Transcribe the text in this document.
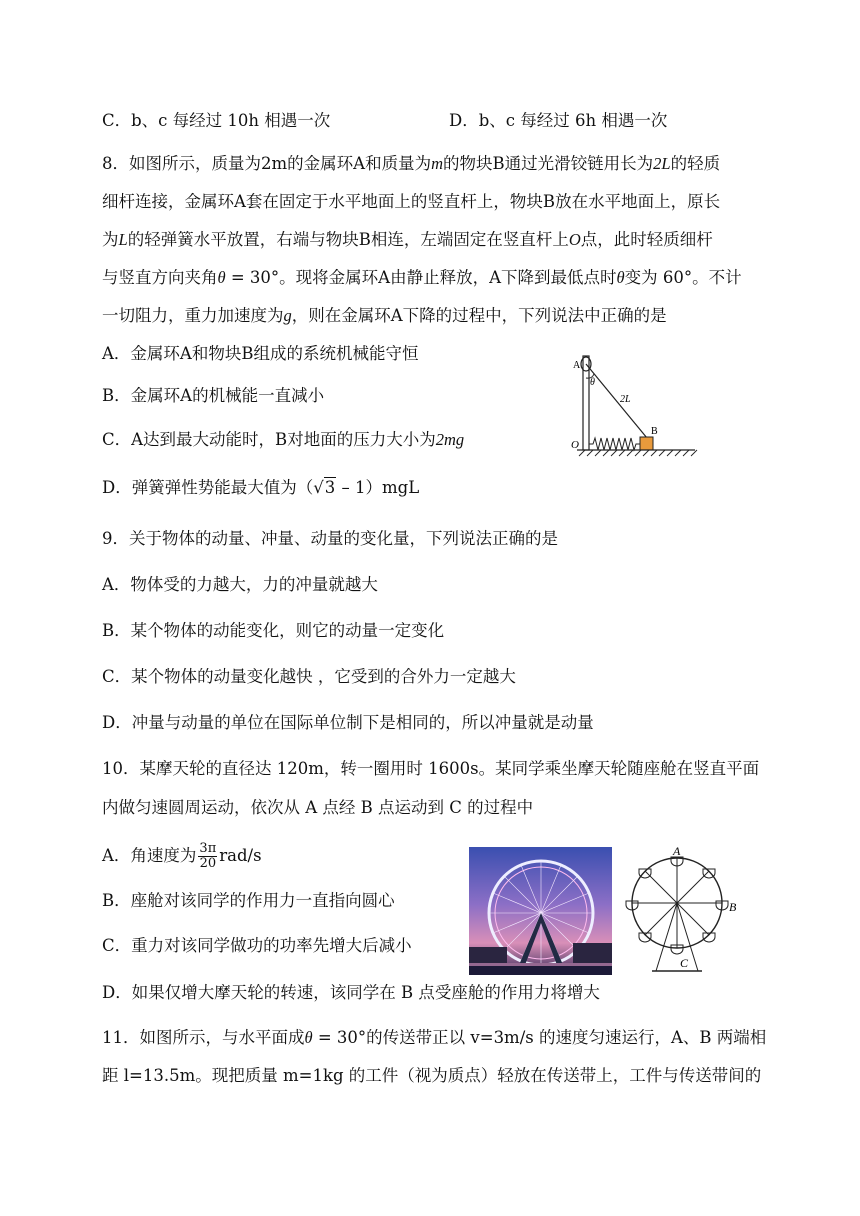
C．b、c 每经过 10h 相遇一次	D．b、c 每经过 6h 相遇一次
8．如图所示，质量为2m的金属环A和质量为m的物块B通过光滑铰链用长为2L的轻质
细杆连接，金属环A套在固定于水平地面上的竖直杆上，物块B放在水平地面上，原长
为L的轻弹簧水平放置，右端与物块B相连，左端固定在竖直杆上O点，此时轻质细杆
与竖直方向夹角θ = 30°。现将金属环A由静止释放，A下降到最低点时θ变为 60°。不计
一切阻力，重力加速度为g，则在金属环A下降的过程中，下列说法中正确的是
A．金属环A和物块B组成的系统机械能守恒
B．金属环A的机械能一直减小
C．A达到最大动能时，B对地面的压力大小为2mg
D．弹簧弹性势能最大值为（√3 – 1）mgL
A
θ
2L
O
B
9．关于物体的动量、冲量、动量的变化量，下列说法正确的是
A．物体受的力越大，力的冲量就越大
B．某个物体的动能变化，则它的动量一定变化
C．某个物体的动量变化越快 ，它受到的合外力一定越大
D．冲量与动量的单位在国际单位制下是相同的，所以冲量就是动量
10．某摩天轮的直径达 120m，转一圈用时 1600s。某同学乘坐摩天轮随座舱在竖直平面
内做匀速圆周运动，依次从 A 点经 B 点运动到 C 的过程中
A．角速度为 $\frac{3\pi}{20} rad/s$
B．座舱对该同学的作用力一直指向圆心
C．重力对该同学做功的功率先增大后减小
D．如果仅增大摩天轮的转速，该同学在 B 点受座舱的作用力将增大
A
B
C
11．如图所示，与水平面成θ = 30°的传送带正以 v=3m/s 的速度匀速运行，A、B 两端相
距 l=13.5m。现把质量 m=1kg 的工件（视为质点）轻放在传送带上，工件与传送带间的
